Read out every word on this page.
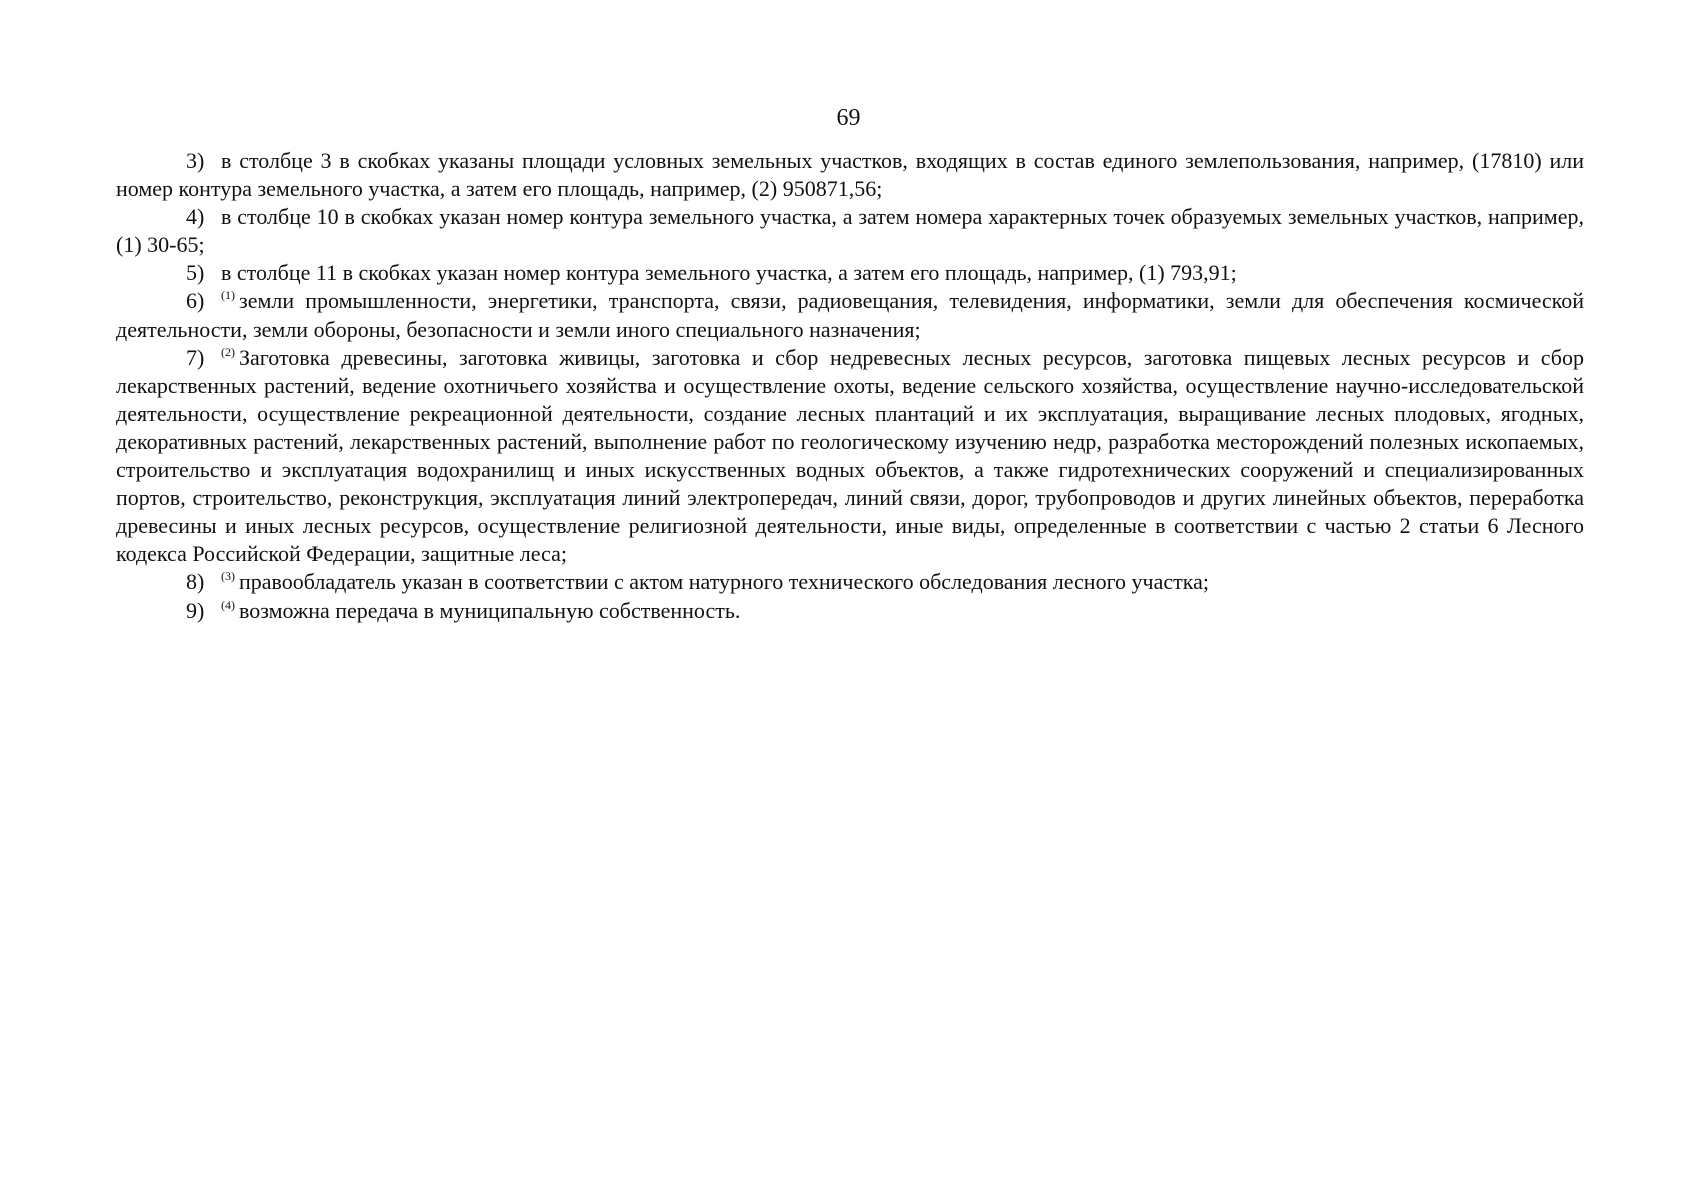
69

3) в столбце 3 в скобках указаны площади условных земельных участков, входящих в состав единого землепользования, например, (17810) или номер контура земельного участка, а затем его площадь, например, (2) 950871,56;

4) в столбце 10 в скобках указан номер контура земельного участка, а затем номера характерных точек образуемых земельных участков, например, (1) 30-65;

5) в столбце 11 в скобках указан номер контура земельного участка, а затем его площадь, например, (1) 793,91;

6) $^{(1)}$ земли промышленности, энергетики, транспорта, связи, радиовещания, телевидения, информатики, земли для обеспечения космической деятельности, земли обороны, безопасности и земли иного специального назначения;

7) $^{(2)}$ Заготовка древесины, заготовка живицы, заготовка и сбор недревесных лесных ресурсов, заготовка пищевых лесных ресурсов и сбор лекарственных растений, ведение охотничьего хозяйства и осуществление охоты, ведение сельского хозяйства, осуществление научно-исследовательской деятельности, осуществление рекреационной деятельности, создание лесных плантаций и их эксплуатация, выращивание лесных плодовых, ягодных, декоративных растений, лекарственных растений, выполнение работ по геологическому изучению недр, разработка месторождений полезных ископаемых, строительство и эксплуатация водохранилищ и иных искусственных водных объектов, а также гидротехнических сооружений и специализированных портов, строительство, реконструкция, эксплуатация линий электропередач, линий связи, дорог, трубопроводов и других линейных объектов, переработка древесины и иных лесных ресурсов, осуществление религиозной деятельности, иные виды, определенные в соответствии с частью 2 статьи 6 Лесного кодекса Российской Федерации, защитные леса;

8) $^{(3)}$ правообладатель указан в соответствии с актом натурного технического обследования лесного участка;

9) $^{(4)}$ возможна передача в муниципальную собственность.
